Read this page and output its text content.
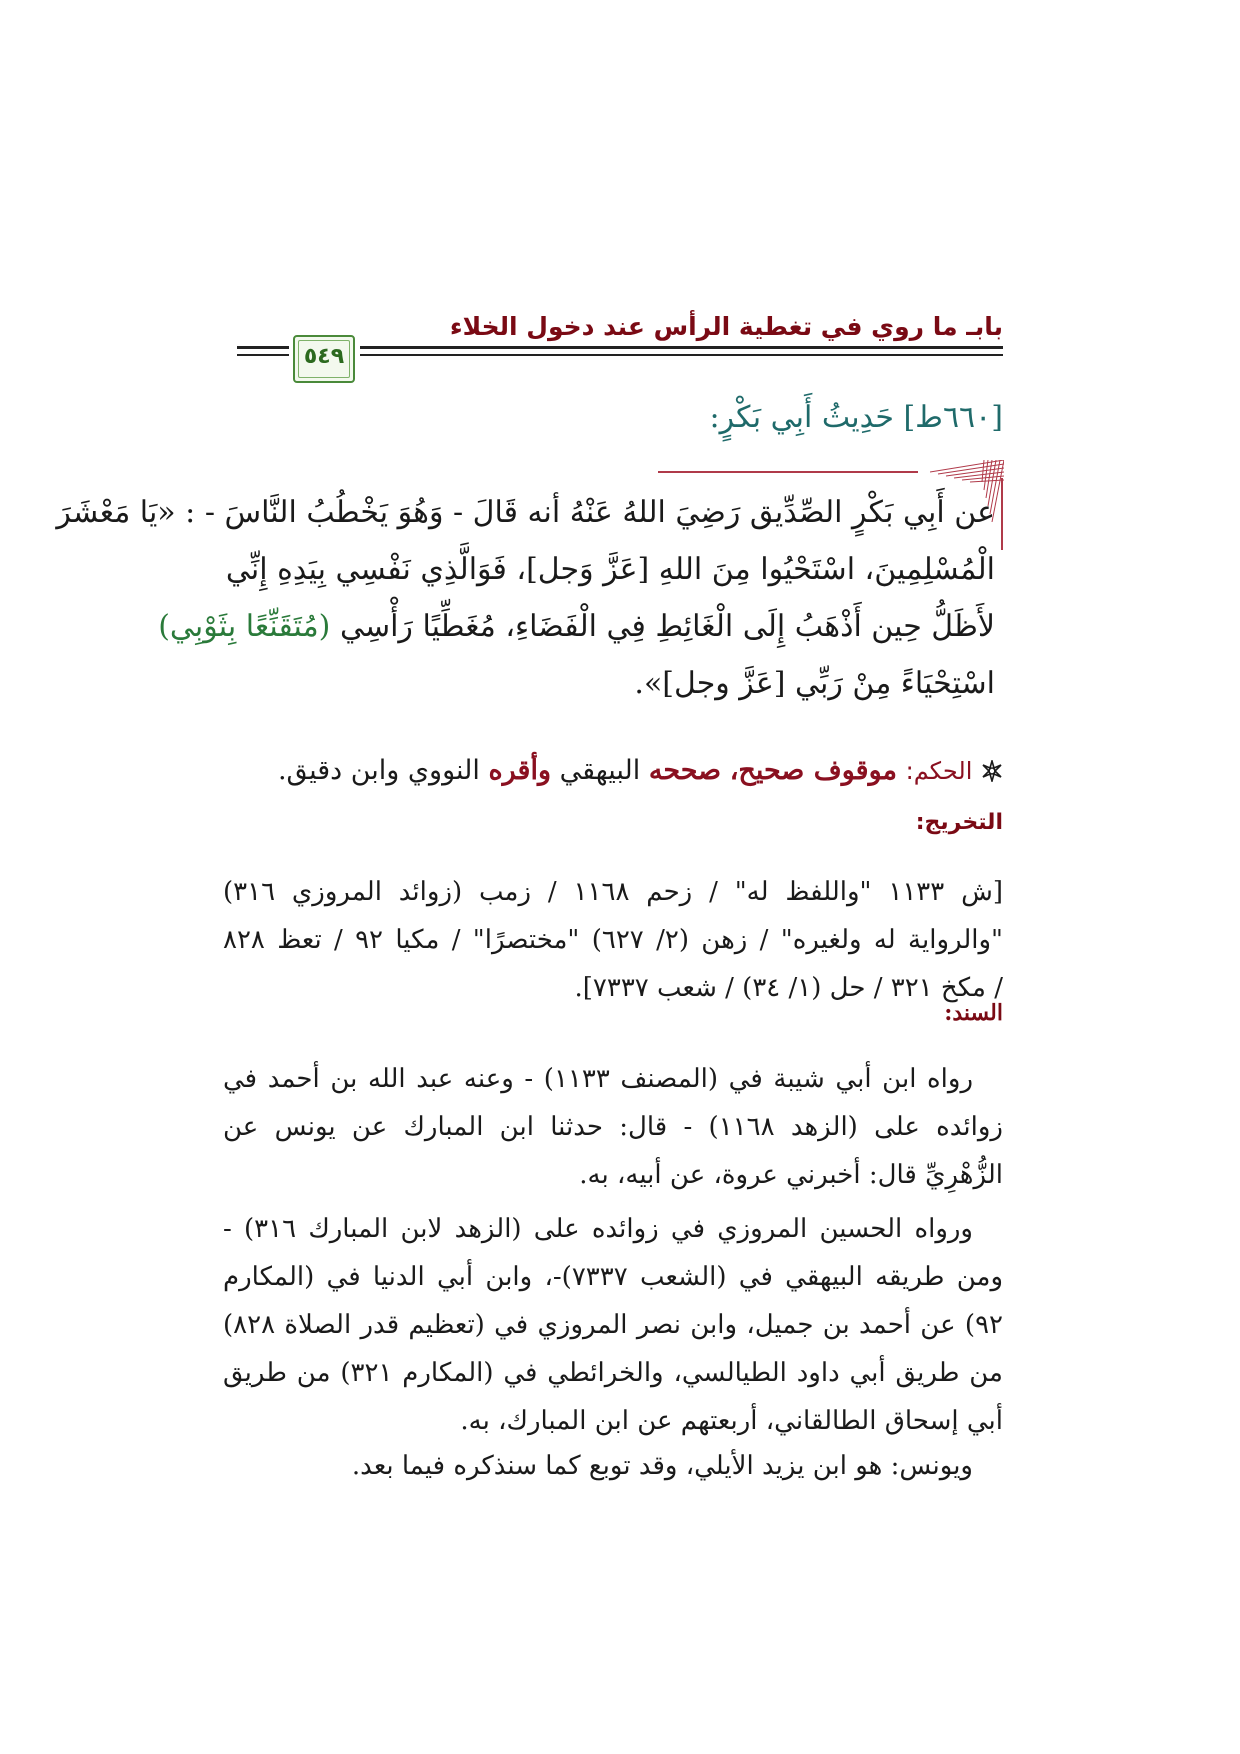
بابـ ما روي في تغطية الرأس عند دخول الخلاء
٥٤٩
[٦٦٠ط] حَدِيثُ أَبِي بَكْرٍ:
عن أَبِي بَكْرٍ الصِّدِّيق رَضِيَ اللهُ عَنْهُ أنه قَالَ - وَهُوَ يَخْطُبُ النَّاسَ - : «يَا مَعْشَرَ
الْمُسْلِمِينَ، اسْتَحْيُوا مِنَ اللهِ [عَزَّ وَجل]، فَوَالَّذِي نَفْسِي بِيَدِهِ إِنِّي
لأَظَلُّ حِين أَذْهَبُ إِلَى الْغَائِطِ فِي الْفَضَاءِ، مُغَطِّيًا رَأْسِي (مُتَقَنِّعًا بِثَوْبِي)
اسْتِحْيَاءً مِنْ رَبِّي [عَزَّ وجل]».
الحكم: موقوف صحيح، صححه البيهقي وأقره النووي وابن دقيق.
التخريج:
[ش ١١٣٣ "واللفظ له" / زحم ١١٦٨ / زمب (زوائد المروزي ٣١٦)
"والرواية له ولغيره" / زهن (٢/ ٦٢٧) "مختصرًا" / مكيا ٩٢ / تعظ ٨٢٨
/ مكخ ٣٢١ / حل (١/ ٣٤) / شعب ٧٣٣٧].
السند:
رواه ابن أبي شيبة في (المصنف ١١٣٣) - وعنه عبد الله بن أحمد في
زوائده على (الزهد ١١٦٨) - قال: حدثنا ابن المبارك عن يونس عن
الزُّهْرِيِّ قال: أخبرني عروة، عن أبيه، به.
ورواه الحسين المروزي في زوائده على (الزهد لابن المبارك ٣١٦) -
ومن طريقه البيهقي في (الشعب ٧٣٣٧)-، وابن أبي الدنيا في (المكارم
٩٢) عن أحمد بن جميل، وابن نصر المروزي في (تعظيم قدر الصلاة ٨٢٨)
من طريق أبي داود الطيالسي، والخرائطي في (المكارم ٣٢١) من طريق
أبي إسحاق الطالقاني، أربعتهم عن ابن المبارك، به.
ويونس: هو ابن يزيد الأيلي، وقد توبع كما سنذكره فيما بعد.
